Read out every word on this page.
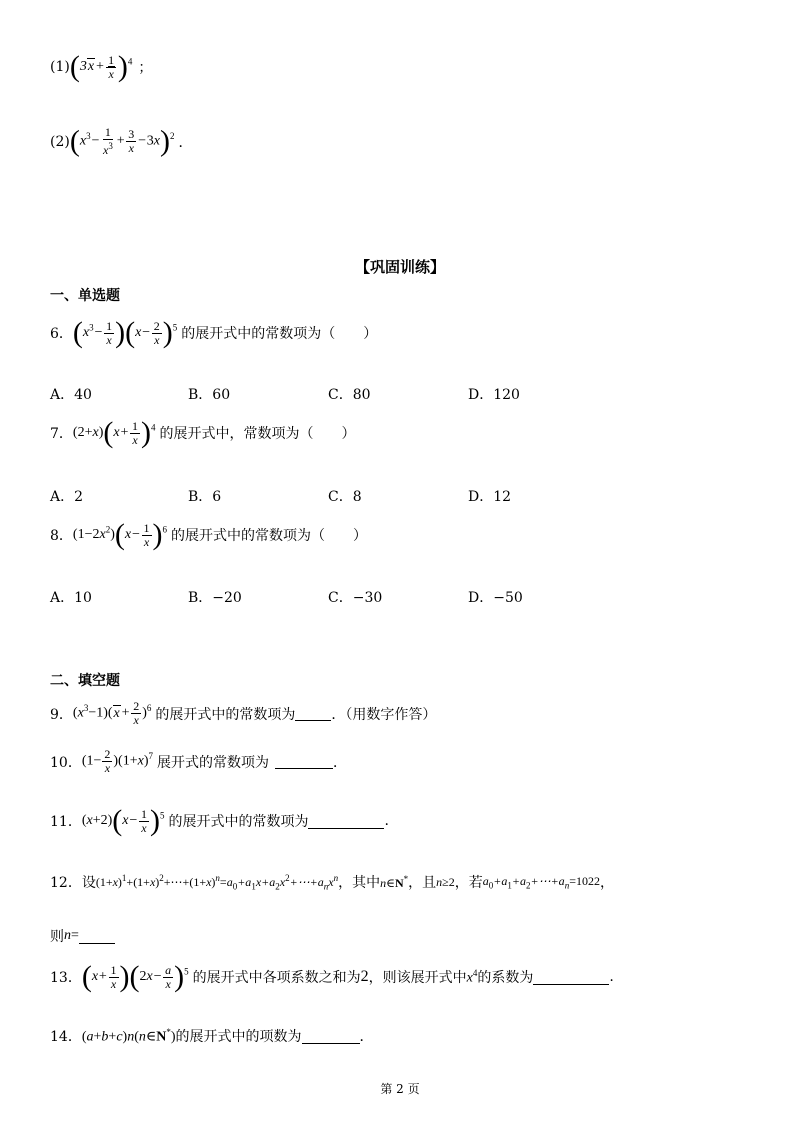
(1) $(3x+ \frac{1}{x} )^4$ ；
(2) $(x^3- \frac{1}{x^3} + \frac{3}{x} -3x)^2$ ．
【巩固训练】
一、单选题
6． $(x^3- \frac{1}{x} )(x- \frac{2}{x} )^5$ 的展开式中的常数项为（　　）
A．40	B．60	C．80	D．120
7． $(2+x)(x+ \frac{1}{x} )^4$ 的展开式中，常数项为（　　）
A．2	B．6	C．8	D．12
8． $(1-2x^2)(x- \frac{1}{x} )^6$ 的展开式中的常数项为（　　）
A．10	B．−20	C．−30	D．−50
二、填空题
9． $(x^3-1)(x+ \frac{2}{x} )^6$ 的展开式中的常数项为	．（用数字作答）
10． $(1- \frac{2}{x} )(1+x)^7$ 展开式的常数项为	．
11． $(x+2)(x- \frac{1}{x} )^5$ 的展开式中的常数项为	.
12．设 $(1+x)^1+(1+x)^2+\cdots+(1+x)^n=a_0+a_1x+a_2x^2+\cdots+a_nx^n$ ，其中 n∈N* ，且 n≥2 ，若 $a_0+a_1+a_2+\cdots+a_n=1022$ ，
则 n=
13． $(x+ \frac{1}{x} )(2x- \frac{a}{x} )^5$ 的展开式中各项系数之和为 2 ，则该展开式中 $x^4$ 的系数为	.
14． (a+b+c)n(n∈N*) 的展开式中的项数为	．
第 2 页
